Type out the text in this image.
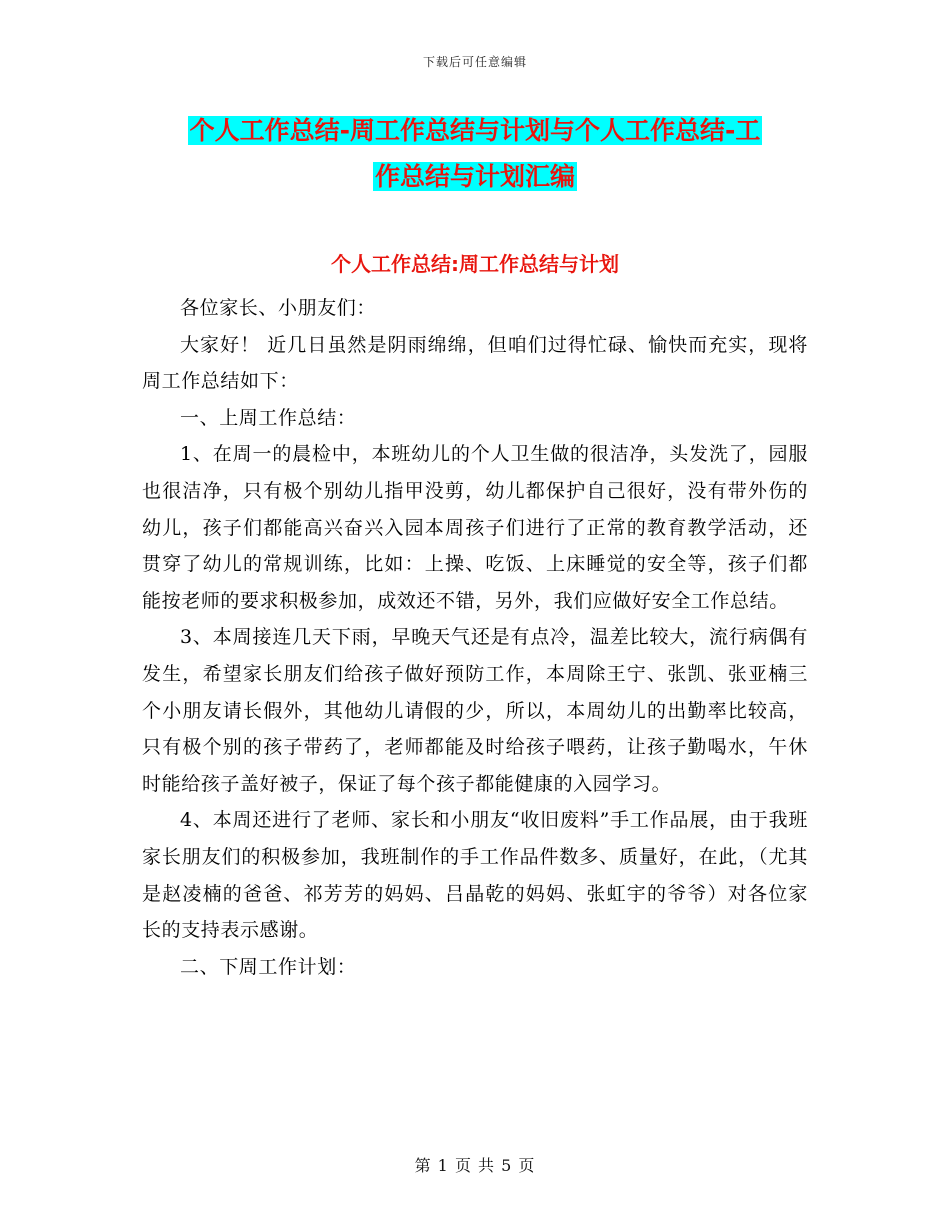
下载后可任意编辑
个人工作总结-周工作总结与计划与个人工作总结-工
作总结与计划汇编
个人工作总结:周工作总结与计划

各位家长、小朋友们：

大家好！ 近几日虽然是阴雨绵绵，但咱们过得忙碌、愉快而充实，现将周工作总结如下：

一、上周工作总结：

1、在周一的晨检中，本班幼儿的个人卫生做的很洁净，头发洗了，园服也很洁净，只有极个别幼儿指甲没剪，幼儿都保护自己很好，没有带外伤的幼儿，孩子们都能高兴奋兴入园本周孩子们进行了正常的教育教学活动，还贯穿了幼儿的常规训练，比如：上操、吃饭、上床睡觉的安全等，孩子们都能按老师的要求积极参加，成效还不错，另外，我们应做好安全工作总结。

3、本周接连几天下雨，早晚天气还是有点冷，温差比较大，流行病偶有发生，希望家长朋友们给孩子做好预防工作，本周除王宁、张凯、张亚楠三个小朋友请长假外，其他幼儿请假的少，所以，本周幼儿的出勤率比较高，只有极个别的孩子带药了，老师都能及时给孩子喂药，让孩子勤喝水，午休时能给孩子盖好被子，保证了每个孩子都能健康的入园学习。

4、本周还进行了老师、家长和小朋友“收旧废料”手工作品展，由于我班家长朋友们的积极参加，我班制作的手工作品件数多、质量好，在此，（尤其是赵凌楠的爸爸、祁芳芳的妈妈、吕晶乾的妈妈、张虹宇的爷爷）对各位家长的支持表示感谢。

二、下周工作计划：

第 1 页 共 5 页
